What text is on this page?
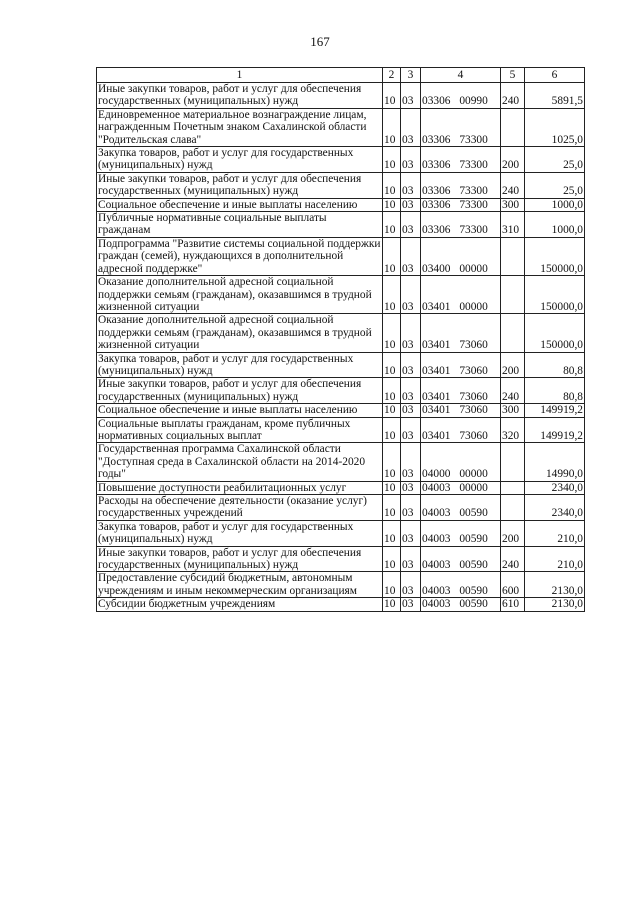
167
1	2	3	4	5	6
Иные закупки товаров, работ и услуг для обеспечения государственных (муниципальных) нужд	10	03	03306 00990	240	5891,5
Единовременное материальное вознаграждение лицам, награжденным Почетным знаком Сахалинской области "Родительская слава"	10	03	03306 73300		1025,0
Закупка товаров, работ и услуг для государственных (муниципальных) нужд	10	03	03306 73300	200	25,0
Иные закупки товаров, работ и услуг для обеспечения государственных (муниципальных) нужд	10	03	03306 73300	240	25,0
Социальное обеспечение и иные выплаты населению	10	03	03306 73300	300	1000,0
Публичные нормативные социальные выплаты гражданам	10	03	03306 73300	310	1000,0
Подпрограмма "Развитие системы социальной поддержки граждан (семей), нуждающихся в дополнительной адресной поддержке"	10	03	03400 00000		150000,0
Оказание дополнительной адресной социальной поддержки семьям (гражданам), оказавшимся в трудной жизненной ситуации	10	03	03401 00000		150000,0
Оказание дополнительной адресной социальной поддержки семьям (гражданам), оказавшимся в трудной жизненной ситуации	10	03	03401 73060		150000,0
Закупка товаров, работ и услуг для государственных (муниципальных) нужд	10	03	03401 73060	200	80,8
Иные закупки товаров, работ и услуг для обеспечения государственных (муниципальных) нужд	10	03	03401 73060	240	80,8
Социальное обеспечение и иные выплаты населению	10	03	03401 73060	300	149919,2
Социальные выплаты гражданам, кроме публичных нормативных социальных выплат	10	03	03401 73060	320	149919,2
Государственная программа Сахалинской области "Доступная среда в Сахалинской области на 2014-2020 годы"	10	03	04000 00000		14990,0
Повышение доступности реабилитационных услуг	10	03	04003 00000		2340,0
Расходы на обеспечение деятельности (оказание услуг) государственных учреждений	10	03	04003 00590		2340,0
Закупка товаров, работ и услуг для государственных (муниципальных) нужд	10	03	04003 00590	200	210,0
Иные закупки товаров, работ и услуг для обеспечения государственных (муниципальных) нужд	10	03	04003 00590	240	210,0
Предоставление субсидий бюджетным, автономным учреждениям и иным некоммерческим организациям	10	03	04003 00590	600	2130,0
Субсидии бюджетным учреждениям	10	03	04003 00590	610	2130,0
